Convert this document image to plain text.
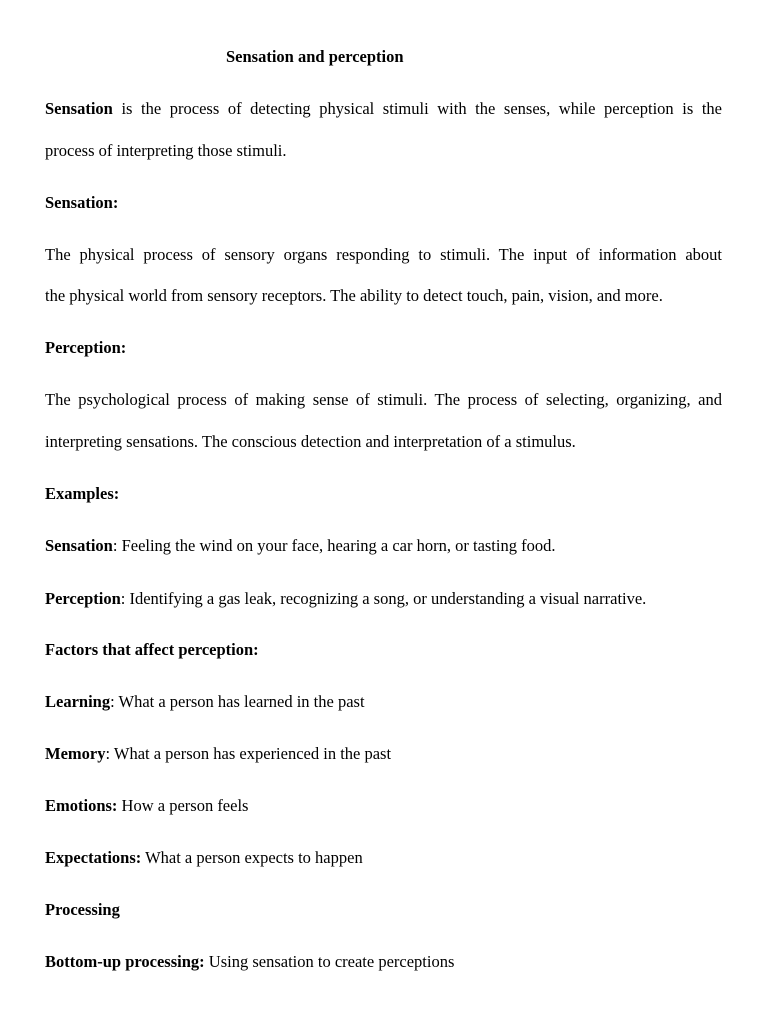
Sensation and perception
Sensation is the process of detecting physical stimuli with the senses, while perception is the
process of interpreting those stimuli.
Sensation:
The physical process of sensory organs responding to stimuli. The input of information about
the physical world from sensory receptors. The ability to detect touch, pain, vision, and more.
Perception:
The psychological process of making sense of stimuli. The process of selecting, organizing, and
interpreting sensations. The conscious detection and interpretation of a stimulus.
Examples:
Sensation: Feeling the wind on your face, hearing a car horn, or tasting food.
Perception: Identifying a gas leak, recognizing a song, or understanding a visual narrative.
Factors that affect perception:
Learning: What a person has learned in the past
Memory: What a person has experienced in the past
Emotions: How a person feels
Expectations: What a person expects to happen
Processing
Bottom-up processing: Using sensation to create perceptions
